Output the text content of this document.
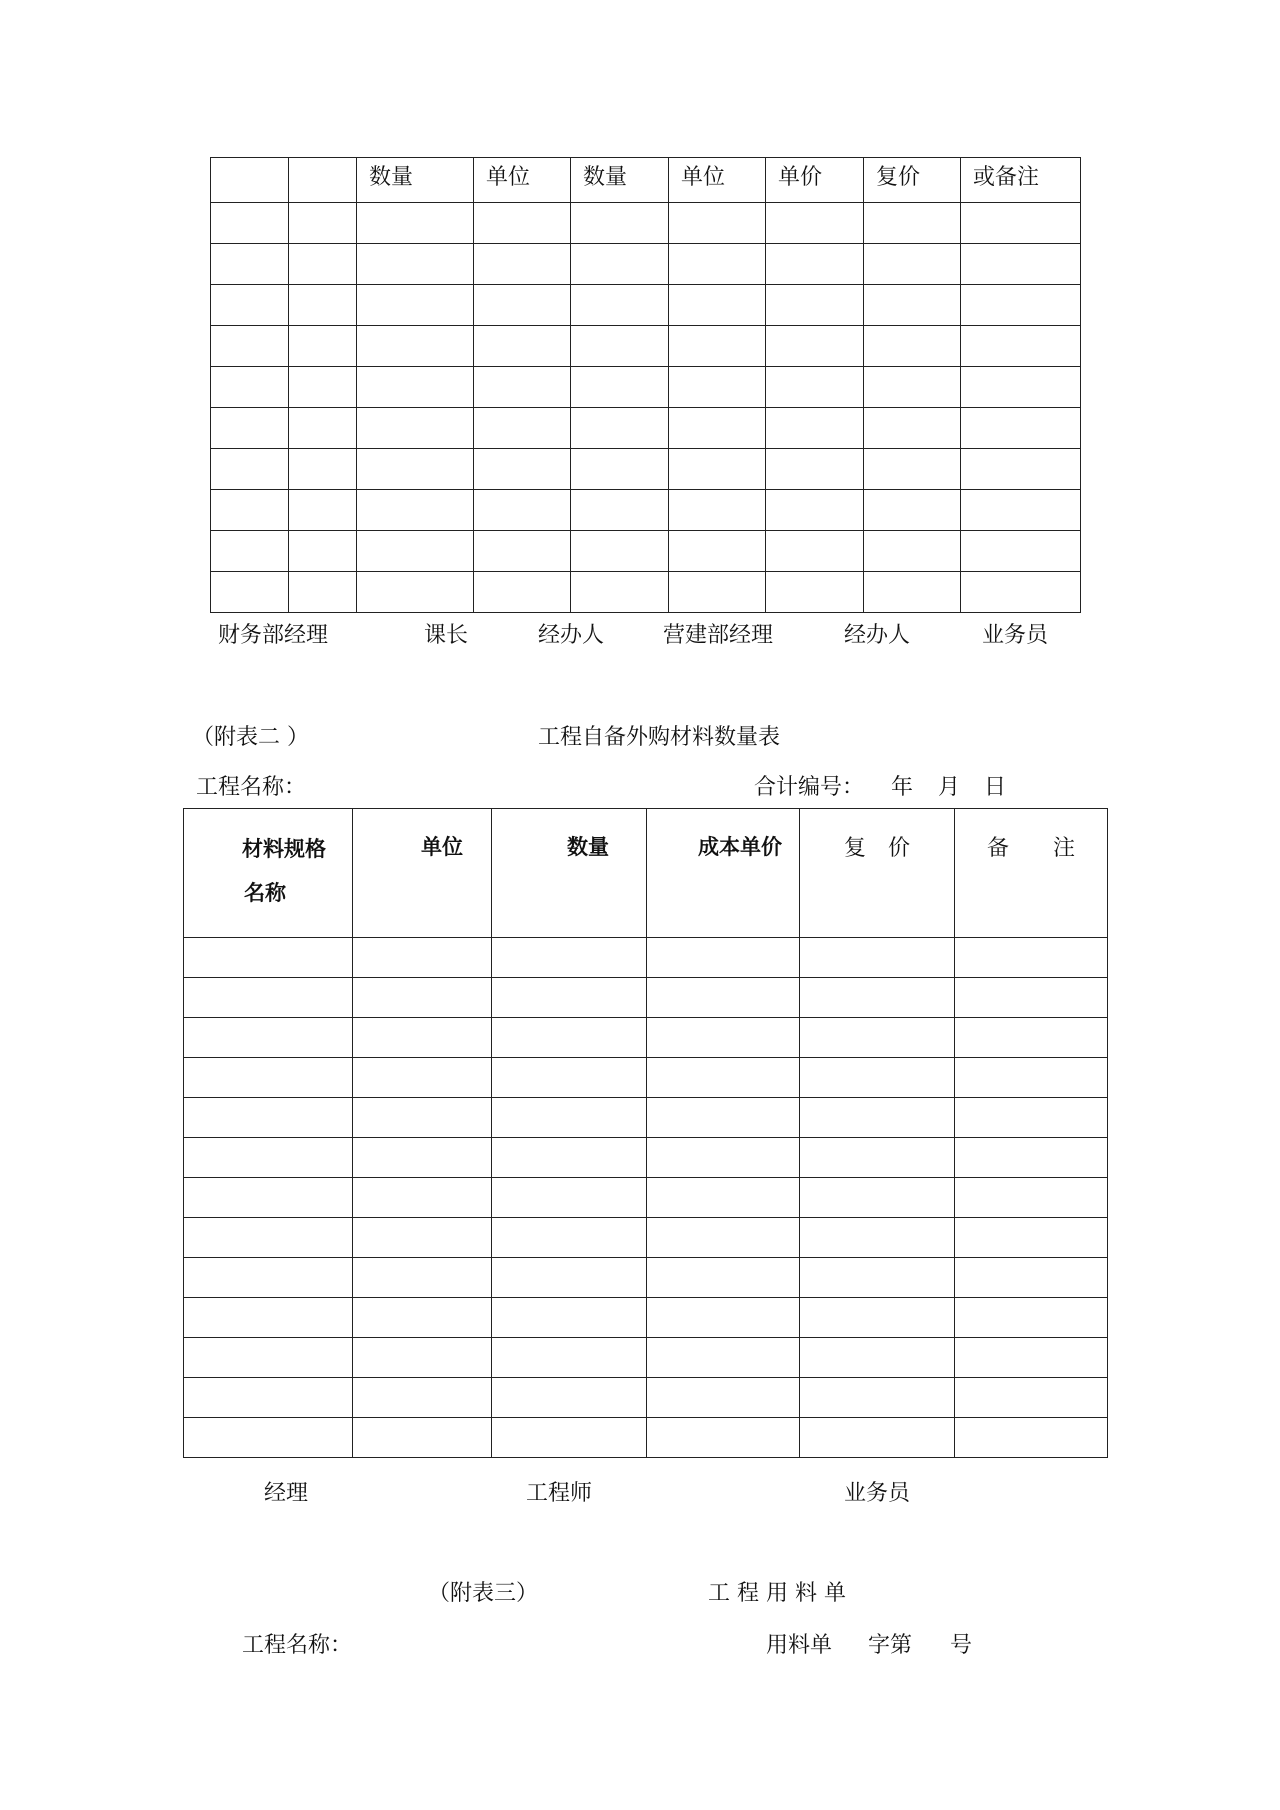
		数量	单位	数量	单位	单价	复价	或备注

财务部经理	课长	经办人	营建部经理	经办人	业务员
（附表二 ）	工程自备外购材料数量表
工程名称：	合计编号： 年 月 日
材料规格
名称	单位	数量	成本单价	复　价	备　　注

经理	工程师	业务员
（附表三）	工 程 用 料 单
工程名称：	用料单 字第 号
